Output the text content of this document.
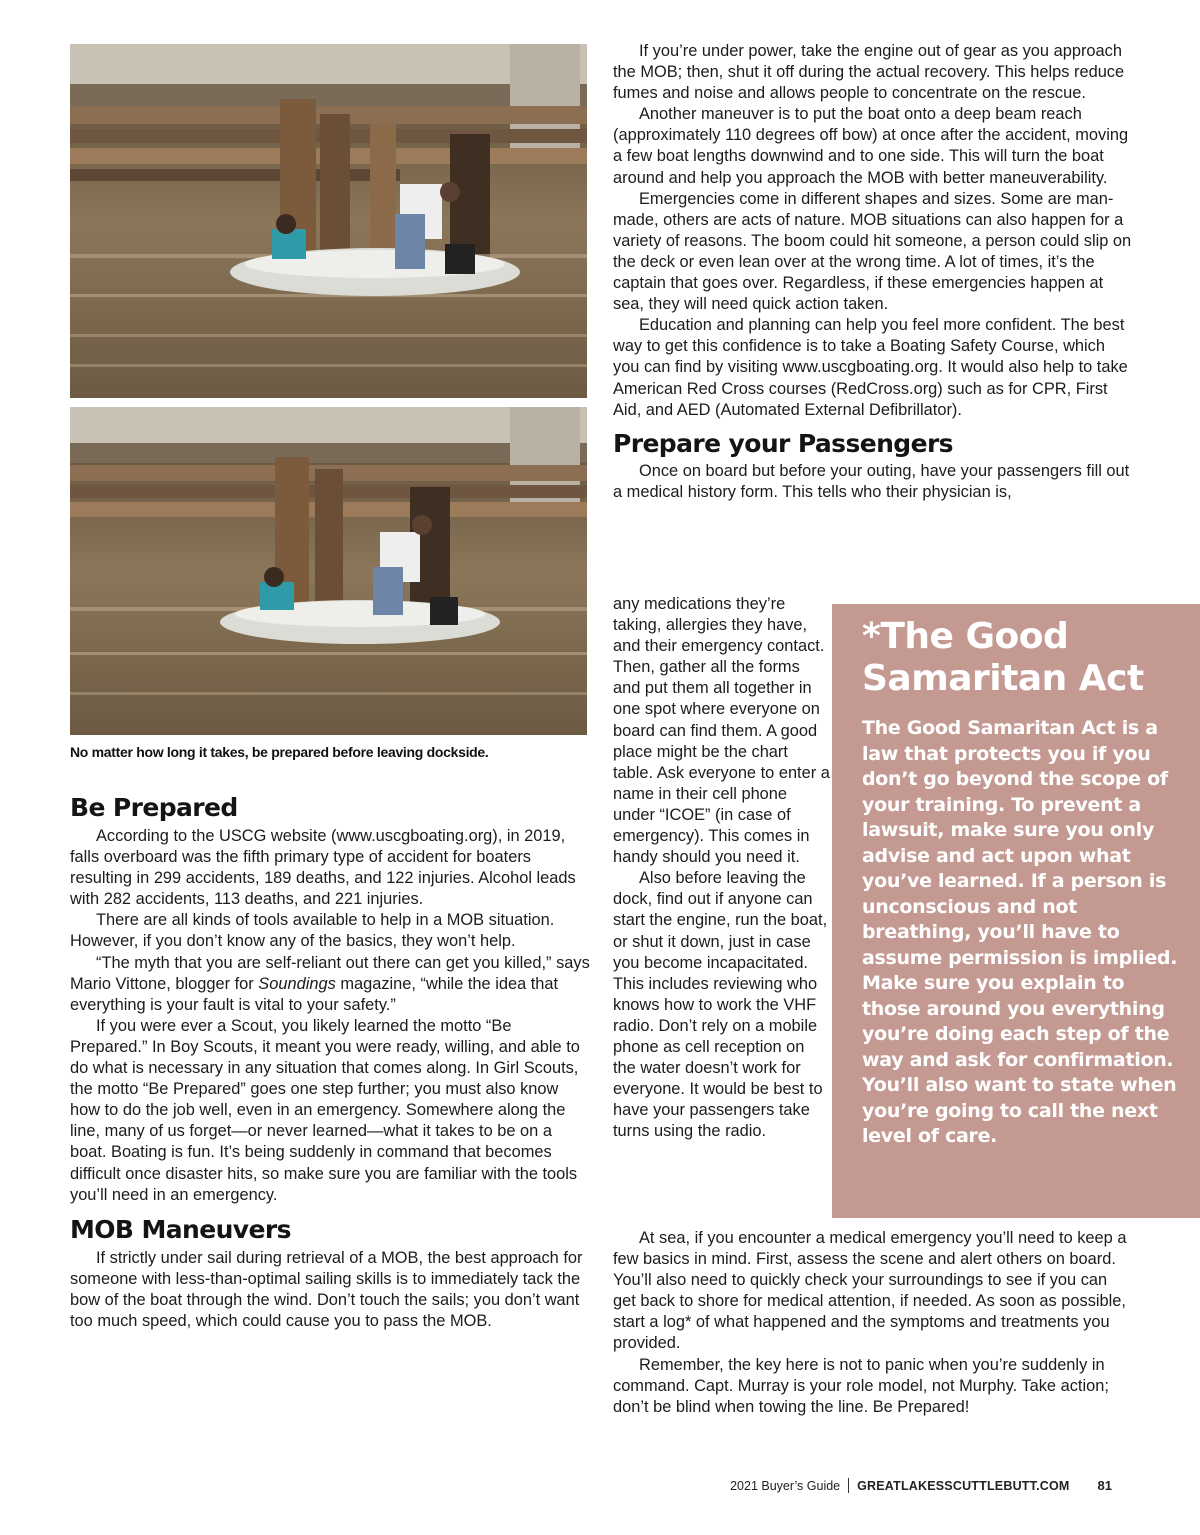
No matter how long it takes, be prepared before leaving dockside.
Be Prepared

According to the USCG website (www.uscgboating.org), in 2019, falls overboard was the fifth primary type of accident for boaters resulting in 299 accidents, 189 deaths, and 122 injuries. Alcohol leads with 282 accidents, 113 deaths, and 221 injuries.

There are all kinds of tools available to help in a MOB situation. However, if you don’t know any of the basics, they won’t help.

“The myth that you are self-reliant out there can get you killed,” says Mario Vittone, blogger for Soundings magazine, “while the idea that everything is your fault is vital to your safety.”

If you were ever a Scout, you likely learned the motto “Be Prepared.” In Boy Scouts, it meant you were ready, willing, and able to do what is necessary in any situation that comes along. In Girl Scouts, the motto “Be Prepared” goes one step further; you must also know how to do the job well, even in an emergency. Somewhere along the line, many of us forget—or never learned—what it takes to be on a boat. Boating is fun. It’s being suddenly in command that becomes difficult once disaster hits, so make sure you are familiar with the tools you’ll need in an emergency.

MOB Maneuvers

If strictly under sail during retrieval of a MOB, the best approach for someone with less-than-optimal sailing skills is to immediately tack the bow of the boat through the wind. Don’t touch the sails; you don’t want too much speed, which could cause you to pass the MOB.

If you’re under power, take the engine out of gear as you approach the MOB; then, shut it off during the actual recovery. This helps reduce fumes and noise and allows people to concentrate on the rescue.

Another maneuver is to put the boat onto a deep beam reach (approximately 110 degrees off bow) at once after the accident, moving a few boat lengths downwind and to one side. This will turn the boat around and help you approach the MOB with better maneuverability.

Emergencies come in different shapes and sizes. Some are man-made, others are acts of nature. MOB situations can also happen for a variety of reasons. The boom could hit someone, a person could slip on the deck or even lean over at the wrong time. A lot of times, it’s the captain that goes over. Regardless, if these emergencies happen at sea, they will need quick action taken.

Education and planning can help you feel more confident. The best way to get this confidence is to take a Boating Safety Course, which you can find by visiting www.uscgboating.org. It would also help to take American Red Cross courses (RedCross.org) such as for CPR, First Aid, and AED (Automated External Defibrillator).

Prepare your Passengers

Once on board but before your outing, have your passengers fill out a medical history form. This tells who their physician is,

any medications they’re taking, allergies they have, and their emergency contact. Then, gather all the forms and put them all together in one spot where everyone on board can find them. A good place might be the chart table. Ask everyone to enter a name in their cell phone under “ICOE” (in case of emergency). This comes in handy should you need it.

Also before leaving the dock, find out if anyone can start the engine, run the boat, or shut it down, just in case you become incapacitated. This includes reviewing who knows how to work the VHF radio. Don’t rely on a mobile phone as cell reception on the water doesn’t work for everyone. It would be best to have your passengers take turns using the radio.

*The Good Samaritan Act

The Good Samaritan Act is a law that protects you if you don’t go beyond the scope of your training. To prevent a lawsuit, make sure you only advise and act upon what you’ve learned. If a person is unconscious and not breathing, you’ll have to assume permission is implied. Make sure you explain to those around you everything you’re doing each step of the way and ask for confirmation. You’ll also want to state when you’re going to call the next level of care.

At sea, if you encounter a medical emergency you’ll need to keep a few basics in mind. First, assess the scene and alert others on board. You’ll also need to quickly check your surroundings to see if you can get back to shore for medical attention, if needed. As soon as possible, start a log* of what happened and the symptoms and treatments you provided.

Remember, the key here is not to panic when you’re suddenly in command. Capt. Murray is your role model, not Murphy. Take action; don’t be blind when towing the line. Be Prepared!

2021 Buyer’s Guide GREATLAKESSCUTTLEBUTT.COM 81
